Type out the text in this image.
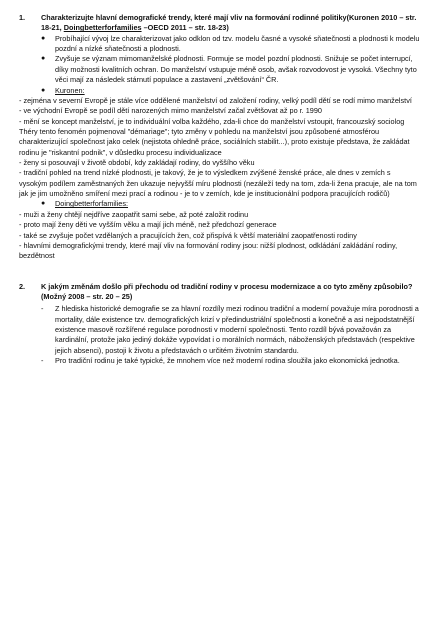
1.	Charakterizujte hlavní demografické trendy, které mají vliv na formování rodinné politiky(Kuronen 2010 – str. 18-21, Doingbetterforfamilies –OECD 2011 – str. 18-23)

●	Probíhající vývoj lze charakterizovat jako odklon od tzv. modelu časné a vysoké sňatečnosti a plodnosti k modelu pozdní a nízké sňatečnosti a plodnosti.
●	Zvyšuje se význam mimomanželské plodnosti. Formuje se model pozdní plodnosti. Snižuje se počet interrupcí, díky možnosti kvalitních ochran. Do manželství vstupuje méně osob, avšak rozvodovost je vysoká. Všechny tyto věci mají za následek stárnutí populace a zastavení „zvětšování“ ČR.
●	Kuronen:
- zejména v severní Evropě je stále více oddělené manželství od založení rodiny, velký podíl dětí se rodí mimo manželství
- ve východní Evropě se podíl dětí narozených mimo manželství začal zvětšovat až po r. 1990
- mění se koncept manželství, je to individuální volba každého, zda-li chce do manželství vstoupit, francouzský sociolog Théry tento fenomén pojmenoval "démariage"; tyto změny v pohledu na manželství jsou způsobené atmosférou charakterizující společnost jako celek (nejistota ohledně práce, sociálních stabilit...), proto existuje představa, že zakládat rodinu je "riskantní podnik", v důsledku procesu individualizace
- ženy si posouvají v životě období, kdy zakládají rodiny, do vyššího věku
- tradiční pohled na trend nízké plodnosti, je takový, že je to výsledkem zvýšené ženské práce, ale dnes v zemích s vysokým podílem zaměstnaných žen ukazuje nejvyšší míru plodnosti (nezáleží tedy na tom, zda-li žena pracuje, ale na tom jak je jim umožněno smíření mezi prací a rodinou - je to v zemích, kde je institucionální podpora pracujících rodičů)
●	Doingbetterforfamilies:
- muži a ženy chtějí nejdříve zaopatřit sami sebe, až poté založit rodinu
- proto mají ženy děti ve vyšším věku a mají jich méně, než předchozí generace
- také se zvyšuje počet vzdělaných a pracujících žen, což přispívá k větší materiální zaopatřenosti rodiny
- hlavními demografickými trendy, které mají vliv na formování rodiny jsou: nižší plodnost, odkládání zakládání rodiny, bezdětnost
2.	K jakým změnám došlo při přechodu od tradiční rodiny v procesu modernizace a co tyto změny způsobilo? (Možný 2008 – str. 20 – 25)

-	Z hlediska historické demografie se za hlavní rozdíly mezi rodinou tradiční a moderní považuje míra porodnosti a mortality, dále existence tzv. demografických krizí v předindustriální společnosti a konečně a asi nejpodstatnější existence masově rozšířené regulace porodnosti v moderní společnosti. Tento rozdíl bývá považován za kardinální, protože jako jediný dokáže vypovídat i o morálních normách, náboženských představách (respektive jejich absenci), postoji k životu a představách o určitém životním standardu.
-	Pro tradiční rodinu je také typické, že mnohem více než moderní rodina sloužila jako ekonomická jednotka.
